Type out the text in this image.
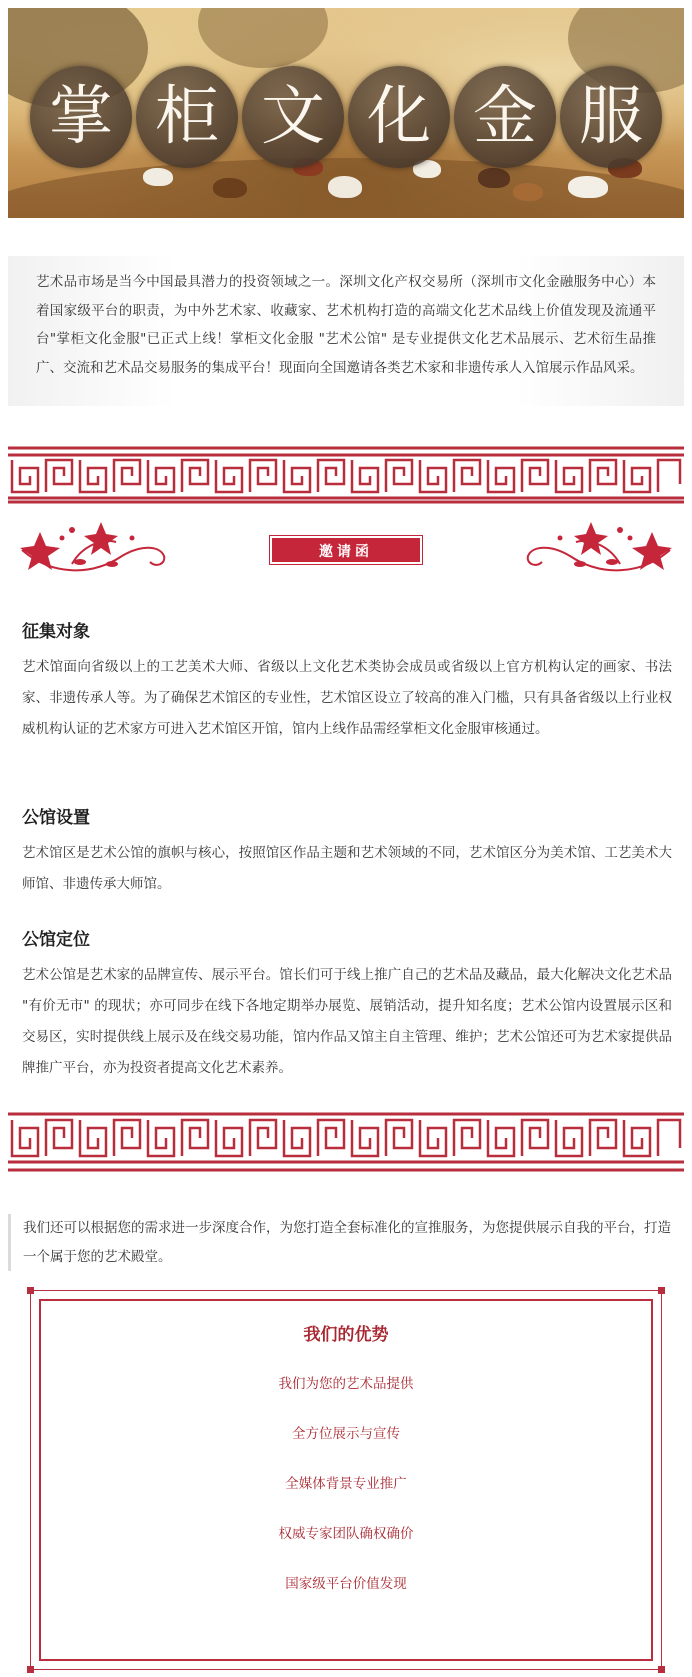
掌 柜 文 化 金 服

艺术品市场是当今中国最具潜力的投资领域之一。深圳文化产权交易所（深圳市文化金融服务中心）本着国家级平台的职责，为中外艺术家、收藏家、艺术机构打造的高端文化艺术品线上价值发现及流通平台"掌柜文化金服"已正式上线！掌柜文化金服 "艺术公馆" 是专业提供文化艺术品展示、艺术衍生品推广、交流和艺术品交易服务的集成平台！现面向全国邀请各类艺术家和非遗传承人入馆展示作品风采。

邀请函
征集对象

艺术馆面向省级以上的工艺美术大师、省级以上文化艺术类协会成员或省级以上官方机构认定的画家、书法家、非遗传承人等。为了确保艺术馆区的专业性，艺术馆区设立了较高的准入门槛，只有具备省级以上行业权威机构认证的艺术家方可进入艺术馆区开馆，馆内上线作品需经掌柜文化金服审核通过。

公馆设置

艺术馆区是艺术公馆的旗帜与核心，按照馆区作品主题和艺术领域的不同，艺术馆区分为美术馆、工艺美术大师馆、非遗传承大师馆。

公馆定位

艺术公馆是艺术家的品牌宣传、展示平台。馆长们可于线上推广自己的艺术品及藏品，最大化解决文化艺术品 "有价无市" 的现状；亦可同步在线下各地定期举办展览、展销活动，提升知名度；艺术公馆内设置展示区和交易区，实时提供线上展示及在线交易功能，馆内作品又馆主自主管理、维护；艺术公馆还可为艺术家提供品牌推广平台，亦为投资者提高文化艺术素养。

我们还可以根据您的需求进一步深度合作，为您打造全套标准化的宣推服务，为您提供展示自我的平台，打造一个属于您的艺术殿堂。

我们的优势
我们为您的艺术品提供
全方位展示与宣传
全媒体背景专业推广
权威专家团队确权确价
国家级平台价值发现
